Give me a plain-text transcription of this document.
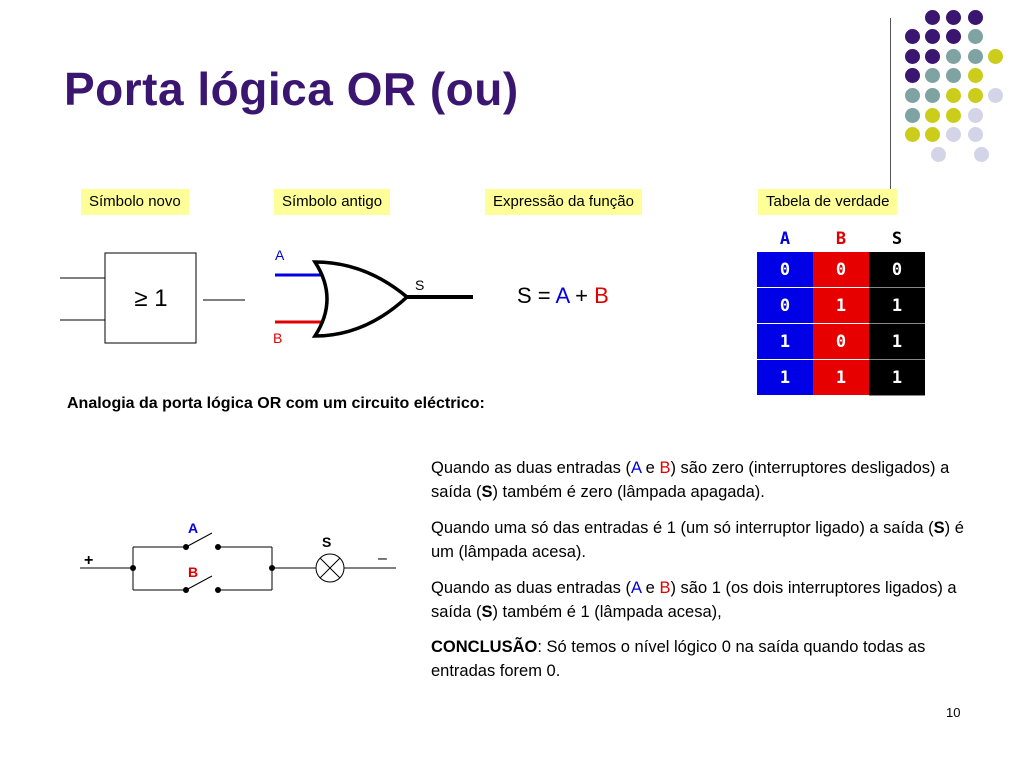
Porta lógica OR (ou)
Símbolo novo	Símbolo antigo	Expressão da função	Tabela de verdade
≥ 1
A
B
S	S = A + B
A	B	S
0	0	0
0	1	1
1	0	1
1	1	1
Analogia da porta lógica OR com um circuito eléctrico:
+	–
A
B
S
Quando as duas entradas (A e B) são zero (interruptores desligados) a saída (S) também é zero (lâmpada apagada).
Quando uma só das entradas é 1 (um só interruptor ligado) a saída (S) é um (lâmpada acesa).
Quando as duas entradas (A e B) são 1 (os dois interruptores ligados) a saída (S) também é 1 (lâmpada acesa),
CONCLUSÃO: Só temos o nível lógico 0 na saída quando todas as entradas forem 0.
10
